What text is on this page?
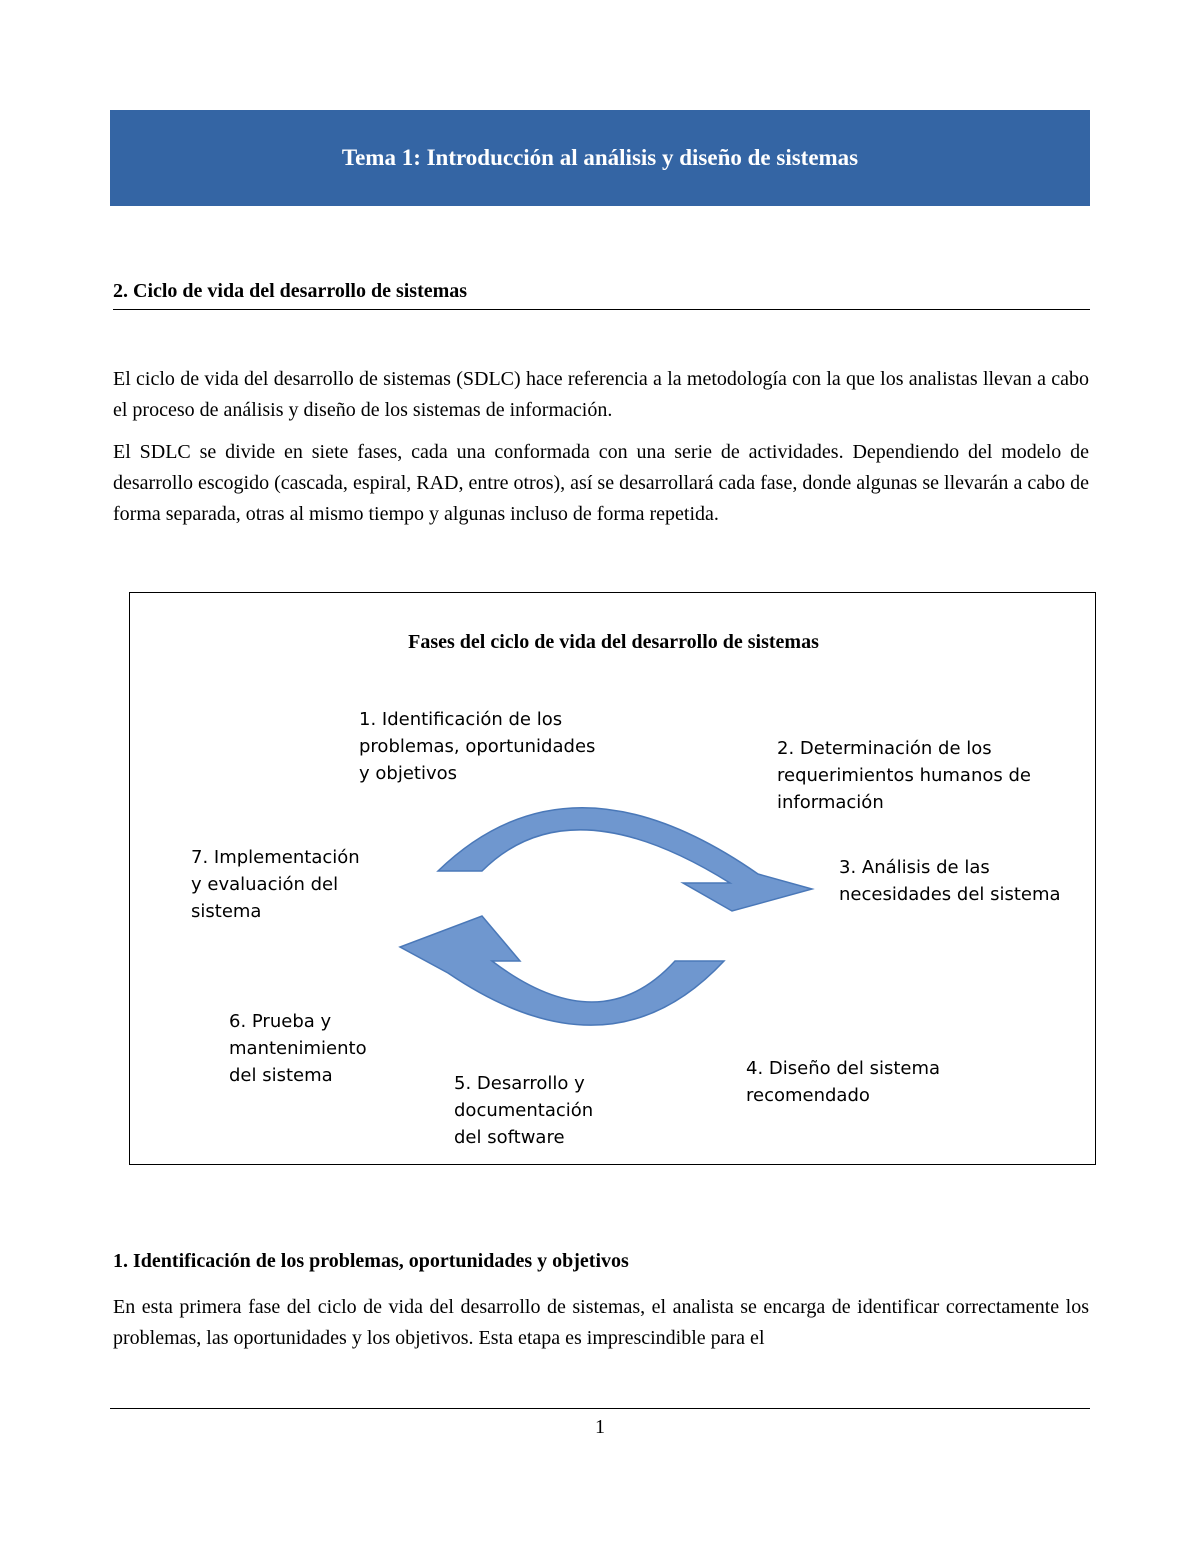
Tema 1: Introducción al análisis y diseño de sistemas
2. Ciclo de vida del desarrollo de sistemas
El ciclo de vida del desarrollo de sistemas (SDLC) hace referencia a la metodología con la que los analistas llevan a cabo el proceso de análisis y diseño de los sistemas de información.
El SDLC se divide en siete fases, cada una conformada con una serie de actividades. Dependiendo del modelo de desarrollo escogido (cascada, espiral, RAD, entre otros), así se desarrollará cada fase, donde algunas se llevarán a cabo de forma separada, otras al mismo tiempo y algunas incluso de forma repetida.
Fases del ciclo de vida del desarrollo de sistemas
1. Identificación de los
problemas, oportunidades
y objetivos
2. Determinación de los
requerimientos humanos de
información
3. Análisis de las
necesidades del sistema
4. Diseño del sistema
recomendado
5. Desarrollo y
documentación
del software
6. Prueba y
mantenimiento
del sistema
7. Implementación
y evaluación del
sistema
1. Identificación de los problemas, oportunidades y objetivos
En esta primera fase del ciclo de vida del desarrollo de sistemas, el analista se encarga de identificar correctamente los problemas, las oportunidades y los objetivos. Esta etapa es imprescindible para el
1
